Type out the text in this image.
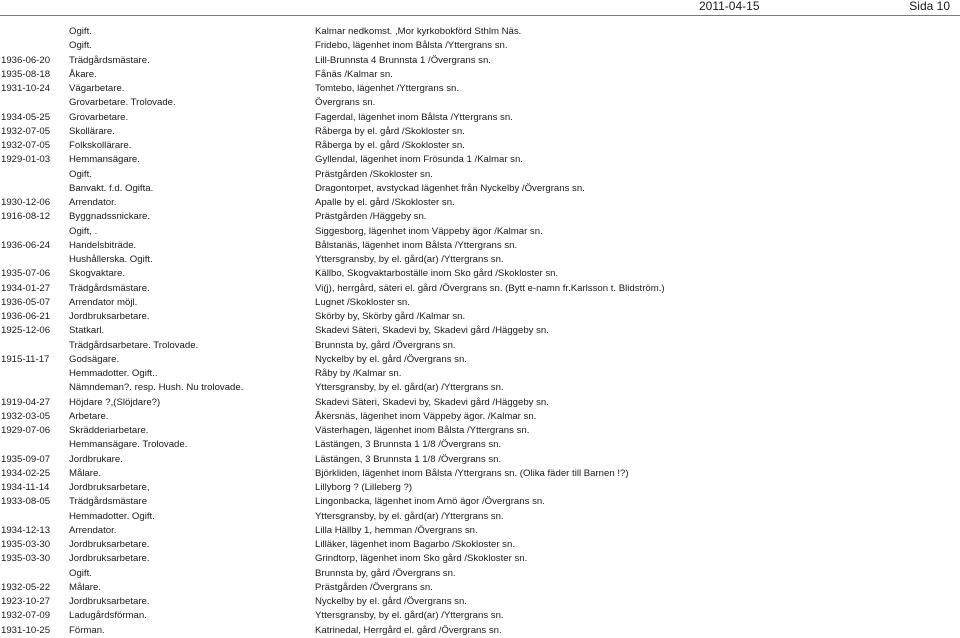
2011-04-15	Sida 10
Ogift.	Kalmar nedkomst. ,Mor kyrkobokförd Sthlm Näs.
Ogift.	Fridebo, lägenhet inom Bålsta /Yttergrans sn.
1936-06-20 Trädgårdsmästare.	Lill-Brunnsta 4 Brunnsta 1 /Övergrans sn.
1935-08-18 Åkare.	Fånäs /Kalmar sn.
1931-10-24 Vägarbetare.	Tomtebo, lägenhet /Yttergrans sn.
Grovarbetare. Trolovade.	Övergrans sn.
1934-05-25 Grovarbetare.	Fagerdal, lägenhet inom Bålsta /Yttergrans sn.
1932-07-05 Skollärare.	Råberga by el. gård /Skokloster sn.
1932-07-05 Folkskollärare.	Råberga by el. gård /Skokloster sn.
1929-01-03 Hemmansägare.	Gyllendal, lägenhet inom Frösunda 1 /Kalmar sn.
Ogift.	Prästgården /Skokloster sn.
Banvakt. f.d. Ogifta.	Dragontorpet, avstyckad lägenhet från Nyckelby /Övergrans sn.
1930-12-06 Arrendator.	Apalle by el. gård /Skokloster sn.
1916-08-12 Byggnadssnickare.	Prästgården /Häggeby sn.
Ogift, .	Siggesborg, lägenhet inom Väppeby ägor /Kalmar sn.
1936-06-24 Handelsbiträde.	Bålstanäs, lägenhet inom Bålsta /Yttergrans sn.
Hushållerska. Ogift.	Yttersgransby, by el. gård(ar) /Yttergrans sn.
1935-07-06 Skogvaktare.	Källbo, Skogvaktarboställe inom Sko gård /Skokloster sn.
1934-01-27 Trädgårdsmästare.	Vi(j), herrgård, säteri el. gård /Övergrans sn. (Bytt e-namn fr.Karlsson t. Blidström.)
1936-05-07 Arrendator möjl.	Lugnet /Skokloster sn.
1936-06-21 Jordbruksarbetare.	Skörby by, Skörby gård /Kalmar sn.
1925-12-06 Statkarl.	Skadevi Säteri, Skadevi by, Skadevi gård /Häggeby sn.
Trädgårdsarbetare. Trolovade.	Brunnsta by, gård /Övergrans sn.
1915-11-17 Godsägare.	Nyckelby by el. gård /Övergrans sn.
Hemmadotter. Ogift..	Råby by /Kalmar sn.
Nämndeman?. resp. Hush. Nu trolovade.	Yttersgransby, by el. gård(ar) /Yttergrans sn.
1919-04-27 Höjdare ?,(Slöjdare?)	Skadevi Säteri, Skadevi by, Skadevi gård /Häggeby sn.
1932-03-05 Arbetare.	Åkersnäs, lägenhet inom Väppeby ägor. /Kalmar sn.
1929-07-06 Skrädderiarbetare.	Västerhagen, lägenhet inom Bålsta /Yttergrans sn.
Hemmansägare. Trolovade.	Lästängen, 3 Brunnsta 1 1/8 /Övergrans sn.
1935-09-07 Jordbrukare.	Lästängen, 3 Brunnsta 1 1/8 /Övergrans sn.
1934-02-25 Målare.	Björkliden, lägenhet inom Bålsta /Yttergrans sn. (Olika fäder till Barnen !?)
1934-11-14 Jordbruksarbetare,	Lillyborg ? (Lilleberg ?)
1933-08-05 Trädgårdsmästare	Lingonbacka, lägenhet inom Arnö ägor /Övergrans sn.
Hemmadotter. Ogift.	Yttersgransby, by el. gård(ar) /Yttergrans sn.
1934-12-13 Arrendator.	Lilla Hällby 1, hemman /Övergrans sn.
1935-03-30 Jordbruksarbetare.	Lilläker, lägenhet inom Bagarbo /Skokloster sn.
1935-03-30 Jordbruksarbetare.	Grindtorp, lägenhet inom Sko gård /Skokloster sn.
Ogift.	Brunnsta by, gård /Övergrans sn.
1932-05-22 Målare.	Prästgården /Övergrans sn.
1923-10-27 Jordbruksarbetare.	Nyckelby by el. gård /Övergrans sn.
1932-07-09 Ladugårdsförman.	Yttersgransby, by el. gård(ar) /Yttergrans sn.
1931-10-25 Förman.	Katrinedal, Herrgård el. gård /Övergrans sn.
